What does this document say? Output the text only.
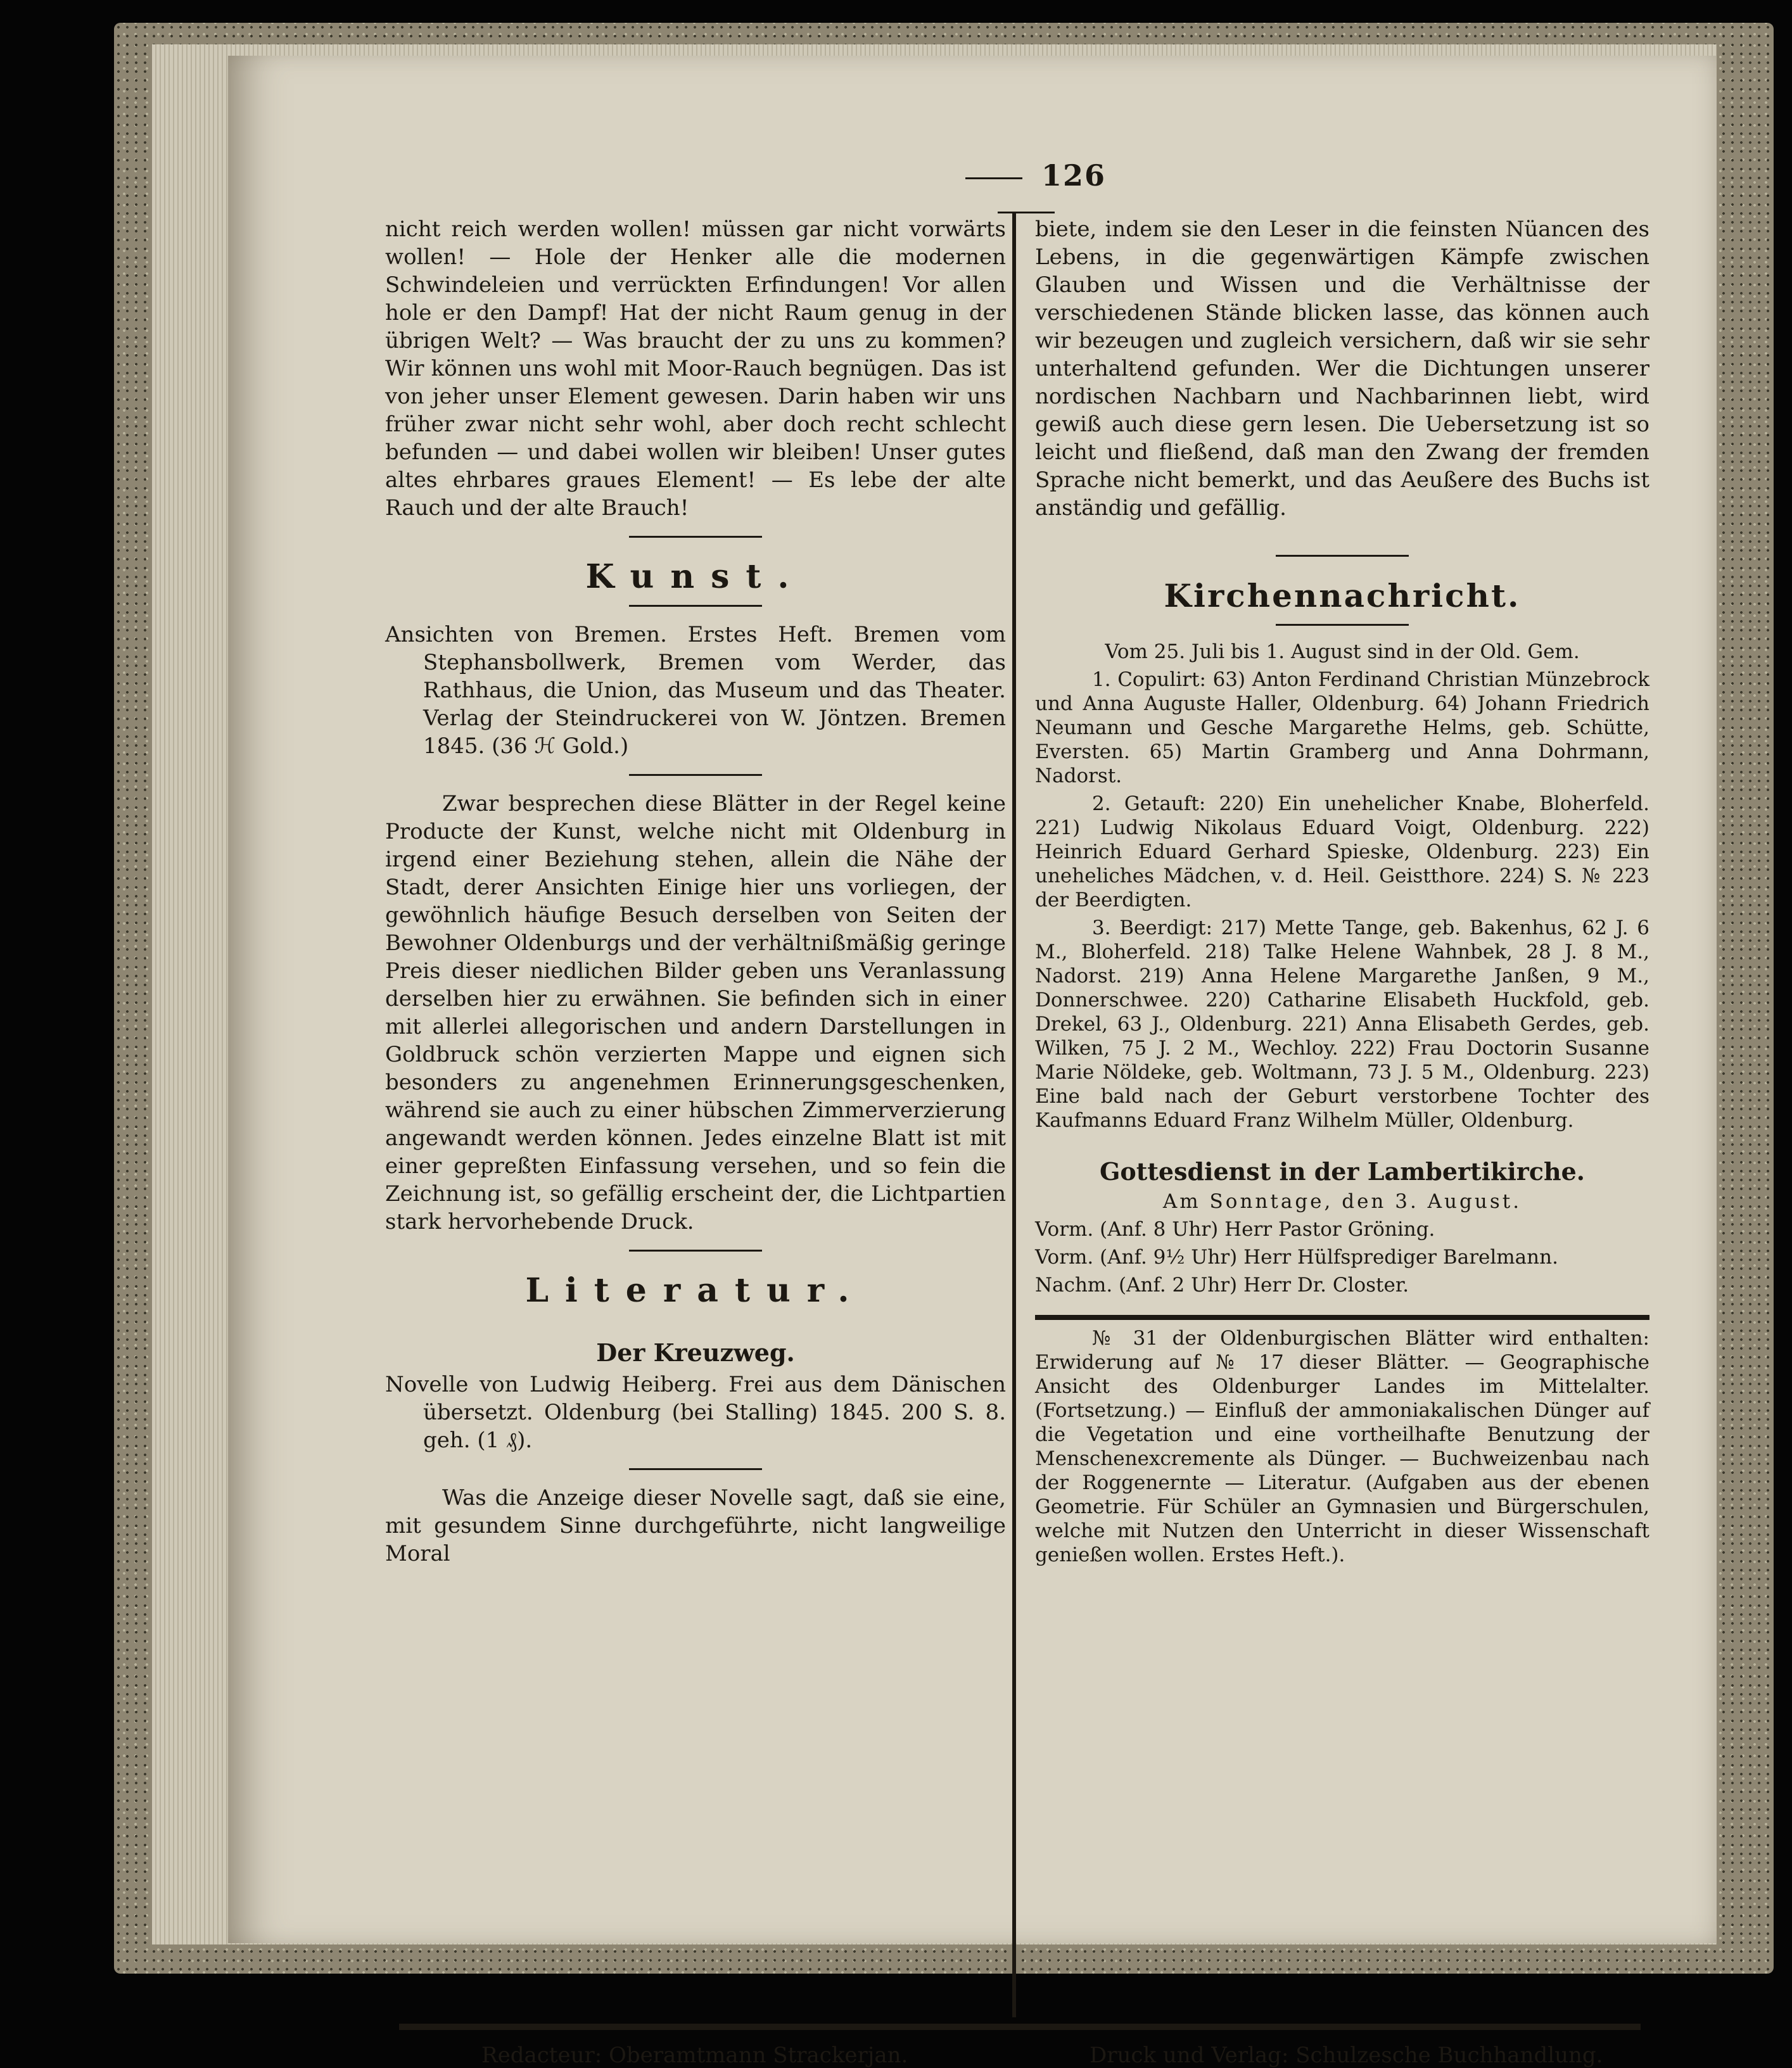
126

nicht reich werden wollen! müssen gar nicht vorwärts wollen! — Hole der Henker alle die modernen Schwindeleien und verrückten Erfindungen! Vor allen hole er den Dampf! Hat der nicht Raum genug in der übrigen Welt? — Was braucht der zu uns zu kommen? Wir können uns wohl mit Moor-Rauch begnügen. Das ist von jeher unser Element gewesen. Darin haben wir uns früher zwar nicht sehr wohl, aber doch recht schlecht befunden — und dabei wollen wir bleiben! Unser gutes altes ehrbares graues Element! — Es lebe der alte Rauch und der alte Brauch!

Kunst.

Ansichten von Bremen. Erstes Heft. Bremen vom Stephansbollwerk, Bremen vom Werder, das Rathhaus, die Union, das Museum und das Theater. Verlag der Steindruckerei von W. Jöntzen. Bremen 1845. (36 ℋ Gold.)

Zwar besprechen diese Blätter in der Regel keine Producte der Kunst, welche nicht mit Oldenburg in irgend einer Beziehung stehen, allein die Nähe der Stadt, derer Ansichten Einige hier uns vorliegen, der gewöhnlich häufige Besuch derselben von Seiten der Bewohner Oldenburgs und der verhältnißmäßig geringe Preis dieser niedlichen Bilder geben uns Veranlassung derselben hier zu erwähnen. Sie befinden sich in einer mit allerlei allegorischen und andern Darstellungen in Goldbruck schön verzierten Mappe und eignen sich besonders zu angenehmen Erinnerungsgeschenken, während sie auch zu einer hübschen Zimmerverzierung angewandt werden können. Jedes einzelne Blatt ist mit einer gepreßten Einfassung versehen, und so fein die Zeichnung ist, so gefällig erscheint der, die Lichtpartien stark hervorhebende Druck.

Literatur.
Der Kreuzweg.

Novelle von Ludwig Heiberg. Frei aus dem Dänischen übersetzt. Oldenburg (bei Stalling) 1845. 200 S. 8. geh. (1 ₰).

Was die Anzeige dieser Novelle sagt, daß sie eine, mit gesundem Sinne durchgeführte, nicht langweilige Moral

biete, indem sie den Leser in die feinsten Nüancen des Lebens, in die gegenwärtigen Kämpfe zwischen Glauben und Wissen und die Verhältnisse der verschiedenen Stände blicken lasse, das können auch wir bezeugen und zugleich versichern, daß wir sie sehr unterhaltend gefunden. Wer die Dichtungen unserer nordischen Nachbarn und Nachbarinnen liebt, wird gewiß auch diese gern lesen. Die Uebersetzung ist so leicht und fließend, daß man den Zwang der fremden Sprache nicht bemerkt, und das Aeußere des Buchs ist anständig und gefällig.

Kirchennachricht.

Vom 25. Juli bis 1. August sind in der Old. Gem.

1. Copulirt: 63) Anton Ferdinand Christian Münzebrock und Anna Auguste Haller, Oldenburg. 64) Johann Friedrich Neumann und Gesche Margarethe Helms, geb. Schütte, Eversten. 65) Martin Gramberg und Anna Dohrmann, Nadorst.

2. Getauft: 220) Ein unehelicher Knabe, Bloherfeld. 221) Ludwig Nikolaus Eduard Voigt, Oldenburg. 222) Heinrich Eduard Gerhard Spieske, Oldenburg. 223) Ein uneheliches Mädchen, v. d. Heil. Geistthore. 224) S. № 223 der Beerdigten.

3. Beerdigt: 217) Mette Tange, geb. Bakenhus, 62 J. 6 M., Bloherfeld. 218) Talke Helene Wahnbek, 28 J. 8 M., Nadorst. 219) Anna Helene Margarethe Janßen, 9 M., Donnerschwee. 220) Catharine Elisabeth Huckfold, geb. Drekel, 63 J., Oldenburg. 221) Anna Elisabeth Gerdes, geb. Wilken, 75 J. 2 M., Wechloy. 222) Frau Doctorin Susanne Marie Nöldeke, geb. Woltmann, 73 J. 5 M., Oldenburg. 223) Eine bald nach der Geburt verstorbene Tochter des Kaufmanns Eduard Franz Wilhelm Müller, Oldenburg.

Gottesdienst in der Lambertikirche.

Am Sonntage, den 3. August.

Vorm. (Anf. 8 Uhr) Herr Pastor Gröning.

Vorm. (Anf. 9½ Uhr) Herr Hülfsprediger Barelmann.

Nachm. (Anf. 2 Uhr) Herr Dr. Closter.

№ 31 der Oldenburgischen Blätter wird enthalten: Erwiderung auf № 17 dieser Blätter. — Geographische Ansicht des Oldenburger Landes im Mittelalter. (Fortsetzung.) — Einfluß der ammoniakalischen Dünger auf die Vegetation und eine vortheilhafte Benutzung der Menschenexcremente als Dünger. — Buchweizenbau nach der Roggenernte — Literatur. (Aufgaben aus der ebenen Geometrie. Für Schüler an Gymnasien und Bürgerschulen, welche mit Nutzen den Unterricht in dieser Wissenschaft genießen wollen. Erstes Heft.).

Redacteur: Oberamtmann Strackerjan.	Druck und Verlag: Schulzesche Buchhandlung.
